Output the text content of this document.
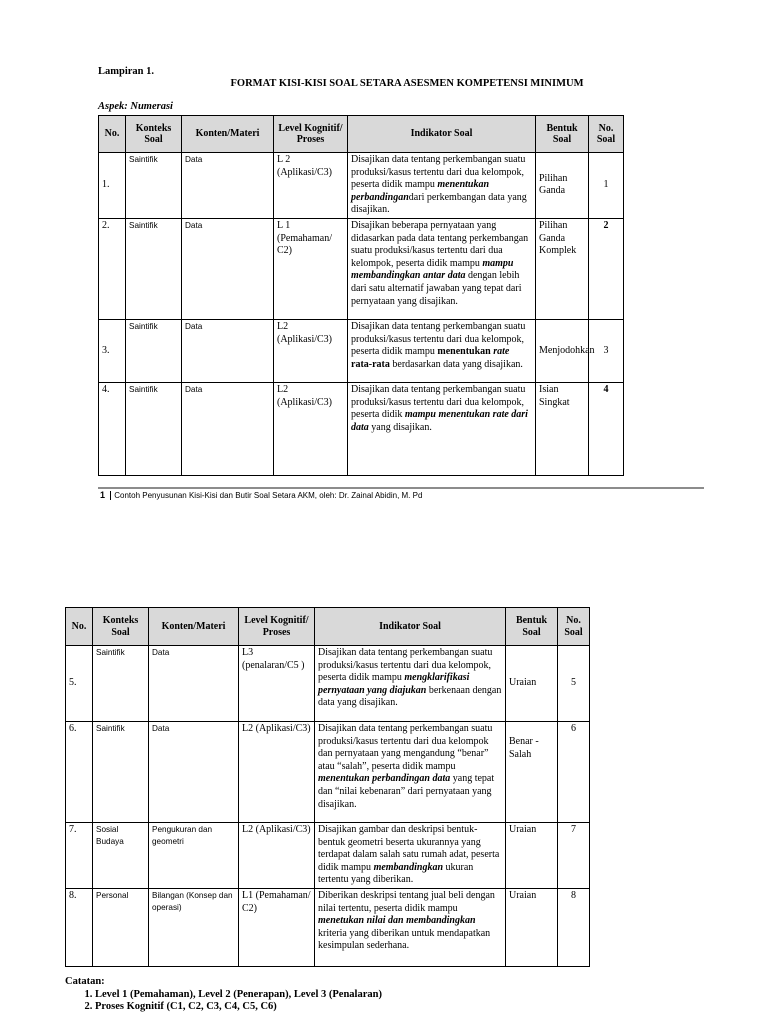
Lampiran 1.
FORMAT KISI-KISI SOAL SETARA ASESMEN KOMPETENSI MINIMUM
Aspek: Numerasi
No.	Konteks Soal	Konten/Materi	Level Kognitif/ Proses	Indikator Soal	Bentuk Soal	No. Soal
1.	Saintifik	Data	L 2 (Aplikasi/C3)	Disajikan data tentang perkembangan suatu produksi/kasus tertentu dari dua kelompok, peserta didik mampu menentukan perbandingandari perkembangan data yang disajikan.	Pilihan Ganda	1
2.	Saintifik	Data	L 1 (Pemahaman/ C2)	Disajikan beberapa pernyataan yang didasarkan pada data tentang perkembangan suatu produksi/kasus tertentu dari dua kelompok, peserta didik mampu mampu membandingkan antar data dengan lebih dari satu alternatif jawaban yang tepat dari pernyataan yang disajikan.	Pilihan Ganda Komplek	2
3.	Saintifik	Data	L2 (Aplikasi/C3)	Disajikan data tentang perkembangan suatu produksi/kasus tertentu dari dua kelompok, peserta didik mampu menentukan rate rata-rata berdasarkan data yang disajikan.	Menjodohkan	3
4.	Saintifik	Data	L2 (Aplikasi/C3)	Disajikan data tentang perkembangan suatu produksi/kasus tertentu dari dua kelompok, peserta didik mampu menentukan rate dari data yang disajikan.	Isian Singkat	4
1 Contoh Penyusunan Kisi-Kisi dan Butir Soal Setara AKM, oleh: Dr. Zainal Abidin, M. Pd
No.	Konteks Soal	Konten/Materi	Level Kognitif/ Proses	Indikator Soal	Bentuk Soal	No. Soal
5.	Saintifik	Data	L3 (penalaran/C5 )	Disajikan data tentang perkembangan suatu produksi/kasus tertentu dari dua kelompok, peserta didik mampu mengklarifikasi pernyataan yang diajukan berkenaan dengan data yang disajikan.	Uraian	5
6.	Saintifik	Data	L2 (Aplikasi/C3)	Disajikan data tentang perkembangan suatu produksi/kasus tertentu dari dua kelompok dan pernyataan yang mengandung “benar” atau “salah”, peserta didik mampu menentukan perbandingan data yang tepat dan “nilai kebenaran” dari pernyataan yang disajikan.	Benar - Salah	6
7.	Sosial Budaya	Pengukuran dan geometri	L2 (Aplikasi/C3)	Disajikan gambar dan deskripsi bentuk-bentuk geometri beserta ukurannya yang terdapat dalam salah satu rumah adat, peserta didik mampu membandingkan ukuran tertentu yang diberikan.	Uraian	7
8.	Personal	Bilangan (Konsep dan operasi)	L1 (Pemahaman/ C2)	Diberikan deskripsi tentang jual beli dengan nilai tertentu, peserta didik mampu menetukan nilai dan membandingkan kriteria yang diberikan untuk mendapatkan kesimpulan sederhana.	Uraian	8
Catatan:
1. Level 1 (Pemahaman), Level 2 (Penerapan), Level 3 (Penalaran)
2. Proses Kognitif (C1, C2, C3, C4, C5, C6)
